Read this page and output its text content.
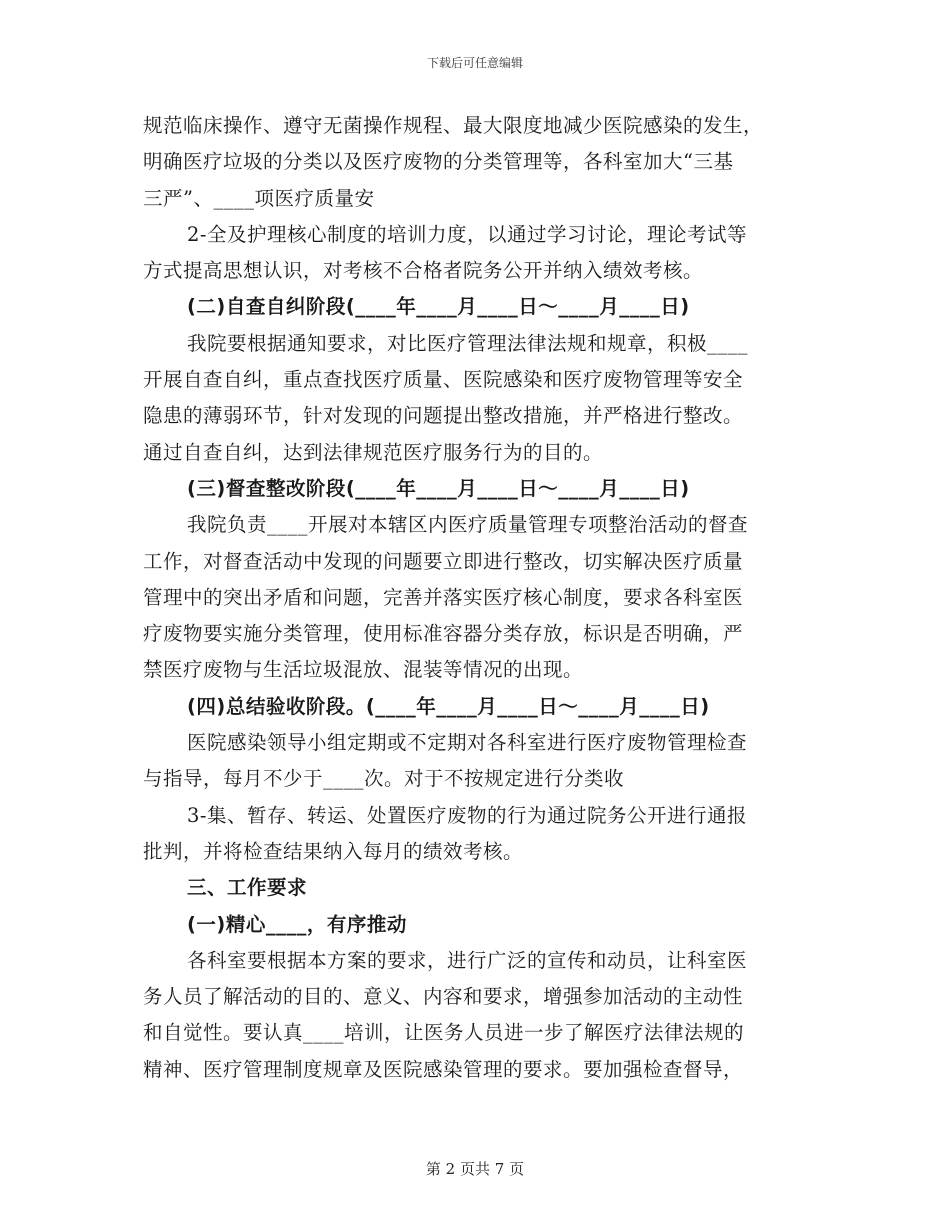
下载后可任意编辑
规范临床操作、遵守无菌操作规程、最大限度地减少医院感染的发生，
明确医疗垃圾的分类以及医疗废物的分类管理等，各科室加大“三基
三严”、____项医疗质量安
2-全及护理核心制度的培训力度，以通过学习讨论，理论考试等
方式提高思想认识，对考核不合格者院务公开并纳入绩效考核。
(二)自查自纠阶段(____年____月____日～____月____日)
我院要根据通知要求，对比医疗管理法律法规和规章，积极____
开展自查自纠，重点查找医疗质量、医院感染和医疗废物管理等安全
隐患的薄弱环节，针对发现的问题提出整改措施，并严格进行整改。
通过自查自纠，达到法律规范医疗服务行为的目的。
(三)督查整改阶段(____年____月____日～____月____日)
我院负责____开展对本辖区内医疗质量管理专项整治活动的督查
工作，对督查活动中发现的问题要立即进行整改，切实解决医疗质量
管理中的突出矛盾和问题，完善并落实医疗核心制度，要求各科室医
疗废物要实施分类管理，使用标准容器分类存放，标识是否明确，严
禁医疗废物与生活垃圾混放、混装等情况的出现。
(四)总结验收阶段。(____年____月____日～____月____日)
医院感染领导小组定期或不定期对各科室进行医疗废物管理检查
与指导，每月不少于____次。对于不按规定进行分类收
3-集、暂存、转运、处置医疗废物的行为通过院务公开进行通报
批判，并将检查结果纳入每月的绩效考核。
三、工作要求
(一)精心____，有序推动
各科室要根据本方案的要求，进行广泛的宣传和动员，让科室医
务人员了解活动的目的、意义、内容和要求，增强参加活动的主动性
和自觉性。要认真____培训，让医务人员进一步了解医疗法律法规的
精神、医疗管理制度规章及医院感染管理的要求。要加强检查督导，
第 2 页共 7 页
